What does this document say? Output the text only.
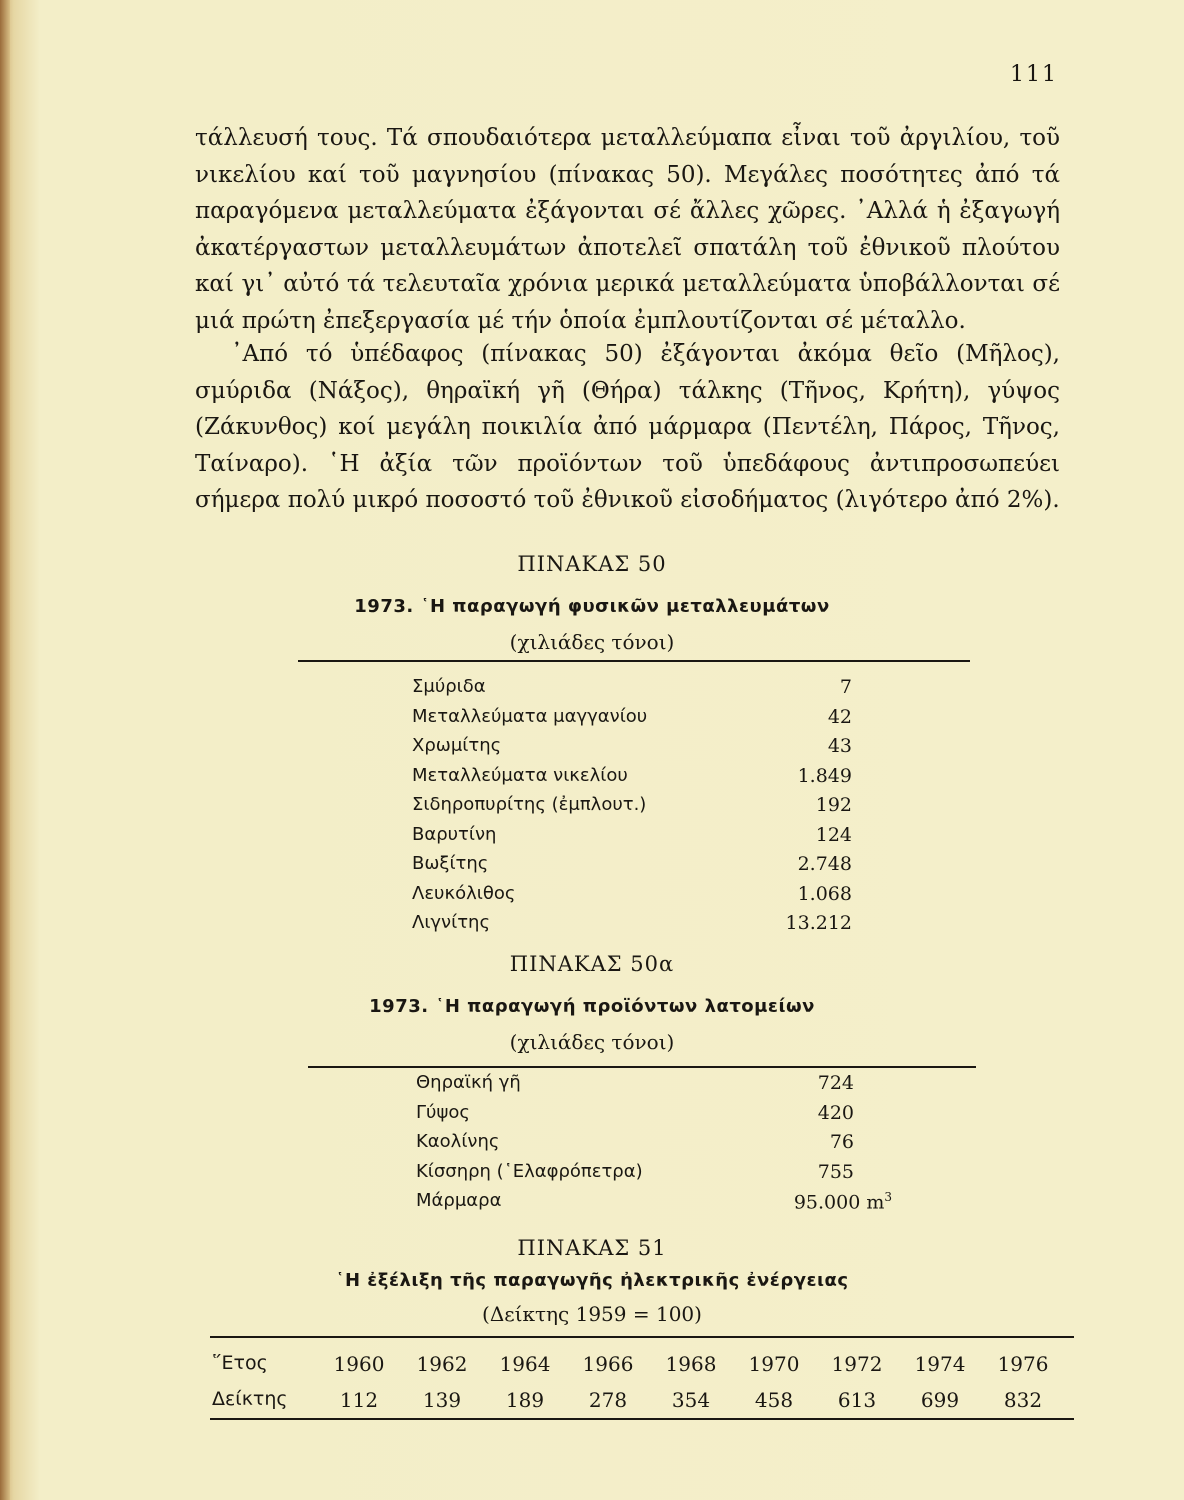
111

τάλλευσή τους. Τά σπουδαιότερα μεταλλεύμαπα εἶναι τοῦ ἀργιλίου, τοῦ νικελίου καί τοῦ μαγνησίου (πίνακας 50). Μεγάλες ποσότητες ἀπό τά παραγόμενα μεταλλεύματα ἐξάγονται σέ ἄλλες χῶρες. ᾿Αλλά ἡ ἐξαγωγή ἀκατέργαστων μεταλλευμάτων ἀποτελεῖ σπατάλη τοῦ ἐθνικοῦ πλούτου καί γι᾿ αὐτό τά τελευταῖα χρόνια μερικά μεταλλεύματα ὑποβάλλονται σέ μιά πρώτη ἐπεξεργασία μέ τήν ὁποία ἐμπλουτίζονται σέ μέταλλο.

᾿Από τό ὑπέδαφος (πίνακας 50) ἐξάγονται ἀκόμα θεῖο (Μῆλος), σμύριδα (Νάξος), θηραϊκή γῆ (Θήρα) τάλκης (Τῆνος, Κρήτη), γύψος (Ζάκυνθος) κοί μεγάλη ποικιλία ἀπό μάρμαρα (Πεντέλη, Πάρος, Τῆνος, Ταίναρο). ῾Η ἀξία τῶν προϊόντων τοῦ ὑπεδάφους ἀντιπροσωπεύει σήμερα πολύ μικρό ποσοστό τοῦ ἐθνικοῦ εἰσοδήματος (λιγότερο ἀπό 2%).

ΠΙΝΑΚΑΣ 50
1973. ῾Η παραγωγή φυσικῶν μεταλλευμάτων
(χιλιάδες τόνοι)
Σμύριδα	7
Μεταλλεύματα μαγγανίου	42
Χρωμίτης	43
Μεταλλεύματα νικελίου	1.849
Σιδηροπυρίτης (ἐμπλουτ.)	192
Βαρυτίνη	124
Βωξίτης	2.748
Λευκόλιθος	1.068
Λιγνίτης	13.212
ΠΙΝΑΚΑΣ 50α
1973. ῾Η παραγωγή προϊόντων λατομείων
(χιλιάδες τόνοι)
Θηραϊκή γῆ	724
Γύψος	420
Καολίνης	76
Κίσσηρη (῾Ελαφρόπετρα)	755
Μάρμαρα	95.000 $m^3$
ΠΙΝΑΚΑΣ 51
῾Η ἐξέλιξη τῆς παραγωγῆς ἠλεκτρικῆς ἐνέργειας
(Δείκτης 1959 = 100)
῞Ετος	1960	1962	1964	1966	1968	1970	1972	1974	1976
Δείκτης	112	139	189	278	354	458	613	699	832
